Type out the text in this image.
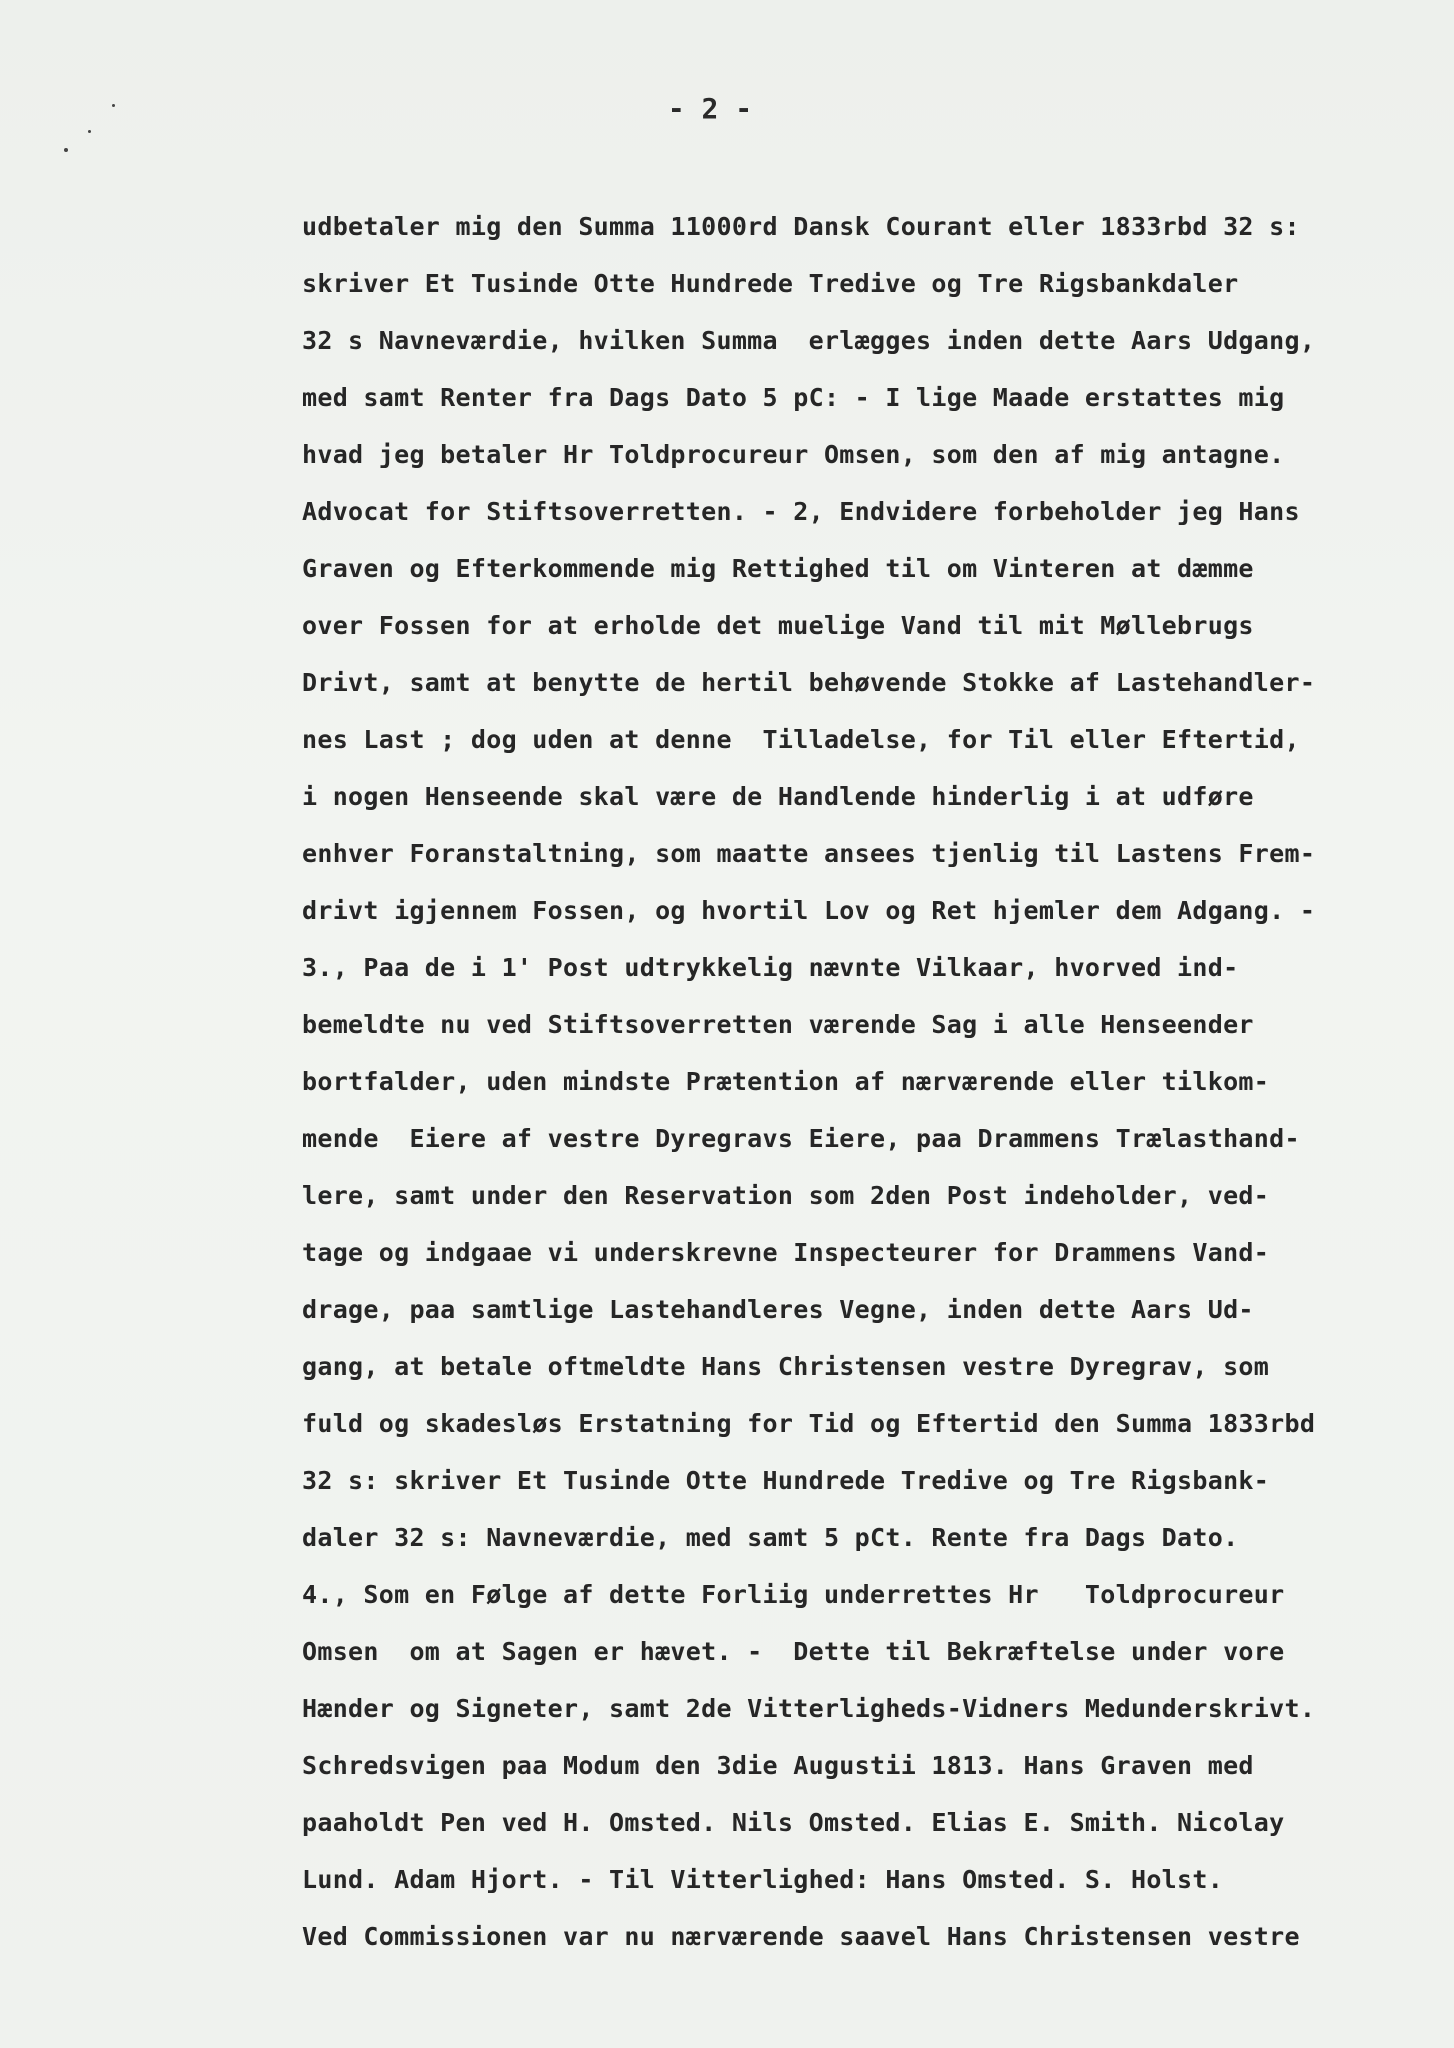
- 2 -
udbetaler mig den Summa 11000rd Dansk Courant eller 1833rbd 32 s:
skriver Et Tusinde Otte Hundrede Tredive og Tre Rigsbankdaler
32 s Navneværdie, hvilken Summa  erlægges inden dette Aars Udgang,
med samt Renter fra Dags Dato 5 pC: - I lige Maade erstattes mig
hvad jeg betaler Hr Toldprocureur Omsen, som den af mig antagne.
Advocat for Stiftsoverretten. - 2, Endvidere forbeholder jeg Hans
Graven og Efterkommende mig Rettighed til om Vinteren at dæmme
over Fossen for at erholde det muelige Vand til mit Møllebrugs
Drivt, samt at benytte de hertil behøvende Stokke af Lastehandler-
nes Last ; dog uden at denne  Tilladelse, for Til eller Eftertid,
i nogen Henseende skal være de Handlende hinderlig i at udføre
enhver Foranstaltning, som maatte ansees tjenlig til Lastens Frem-
drivt igjennem Fossen, og hvortil Lov og Ret hjemler dem Adgang. -
3., Paa de i 1' Post udtrykkelig nævnte Vilkaar, hvorved ind-
bemeldte nu ved Stiftsoverretten værende Sag i alle Henseender
bortfalder, uden mindste Prætention af nærværende eller tilkom-
mende  Eiere af vestre Dyregravs Eiere, paa Drammens Trælasthand-
lere, samt under den Reservation som 2den Post indeholder, ved-
tage og indgaae vi underskrevne Inspecteurer for Drammens Vand-
drage, paa samtlige Lastehandleres Vegne, inden dette Aars Ud-
gang, at betale oftmeldte Hans Christensen vestre Dyregrav, som
fuld og skadesløs Erstatning for Tid og Eftertid den Summa 1833rbd
32 s: skriver Et Tusinde Otte Hundrede Tredive og Tre Rigsbank-
daler 32 s: Navneværdie, med samt 5 pCt. Rente fra Dags Dato.
4., Som en Følge af dette Forliig underrettes Hr   Toldprocureur
Omsen  om at Sagen er hævet. -  Dette til Bekræftelse under vore
Hænder og Signeter, samt 2de Vitterligheds-Vidners Medunderskrivt.
Schredsvigen paa Modum den 3die Augustii 1813. Hans Graven med
paaholdt Pen ved H. Omsted. Nils Omsted. Elias E. Smith. Nicolay
Lund. Adam Hjort. - Til Vitterlighed: Hans Omsted. S. Holst.
Ved Commissionen var nu nærværende saavel Hans Christensen vestre
